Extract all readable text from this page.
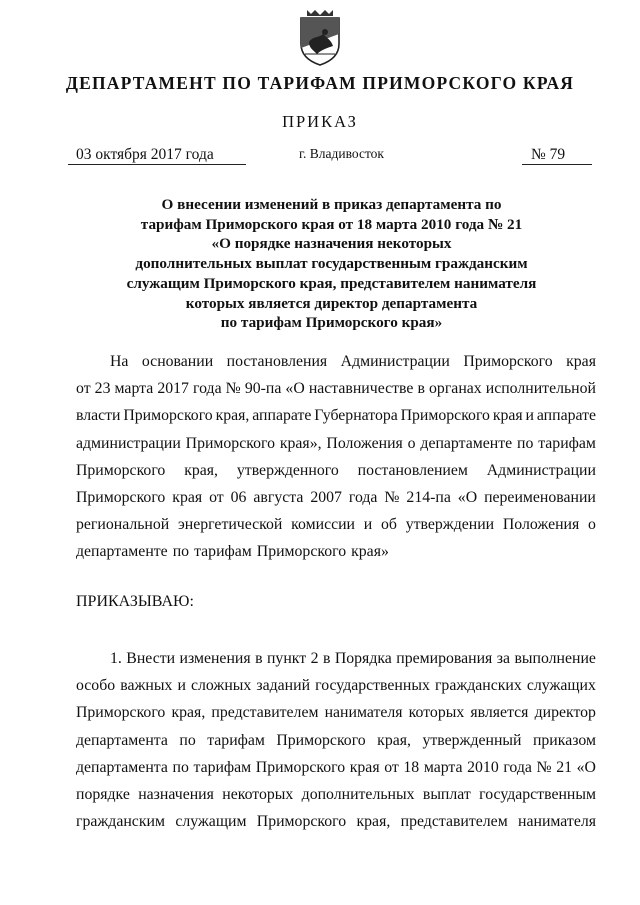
ДЕПАРТАМЕНТ ПО ТАРИФАМ ПРИМОРСКОГО КРАЯ
ПРИКАЗ
03 октября 2017 года	г. Владивосток	№ 79
О внесении изменений в приказ департамента по
тарифам Приморского края от 18 марта 2010 года № 21
«О порядке назначения некоторых
дополнительных выплат государственным гражданским
служащим Приморского края, представителем нанимателя
которых является директор департамента
по тарифам Приморского края»
На основании постановления Администрации Приморского края
от 23 марта 2017 года № 90-па «О наставничестве в органах исполнительной
власти Приморского края, аппарате Губернатора Приморского края и аппарате
администрации Приморского края», Положения о департаменте по тарифам
Приморского края, утвержденного постановлением Администрации
Приморского края от 06 августа 2007 года № 214-па «О переименовании
региональной энергетической комиссии и об утверждении Положения о
департаменте по тарифам Приморского края»
ПРИКАЗЫВАЮ:
1. Внести изменения в пункт 2 в Порядка премирования за выполнение
особо важных и сложных заданий государственных гражданских служащих
Приморского края, представителем нанимателя которых является директор
департамента по тарифам Приморского края, утвержденный приказом
департамента по тарифам Приморского края от 18 марта 2010 года № 21 «О
порядке назначения некоторых дополнительных выплат государственным
гражданским служащим Приморского края, представителем нанимателя
